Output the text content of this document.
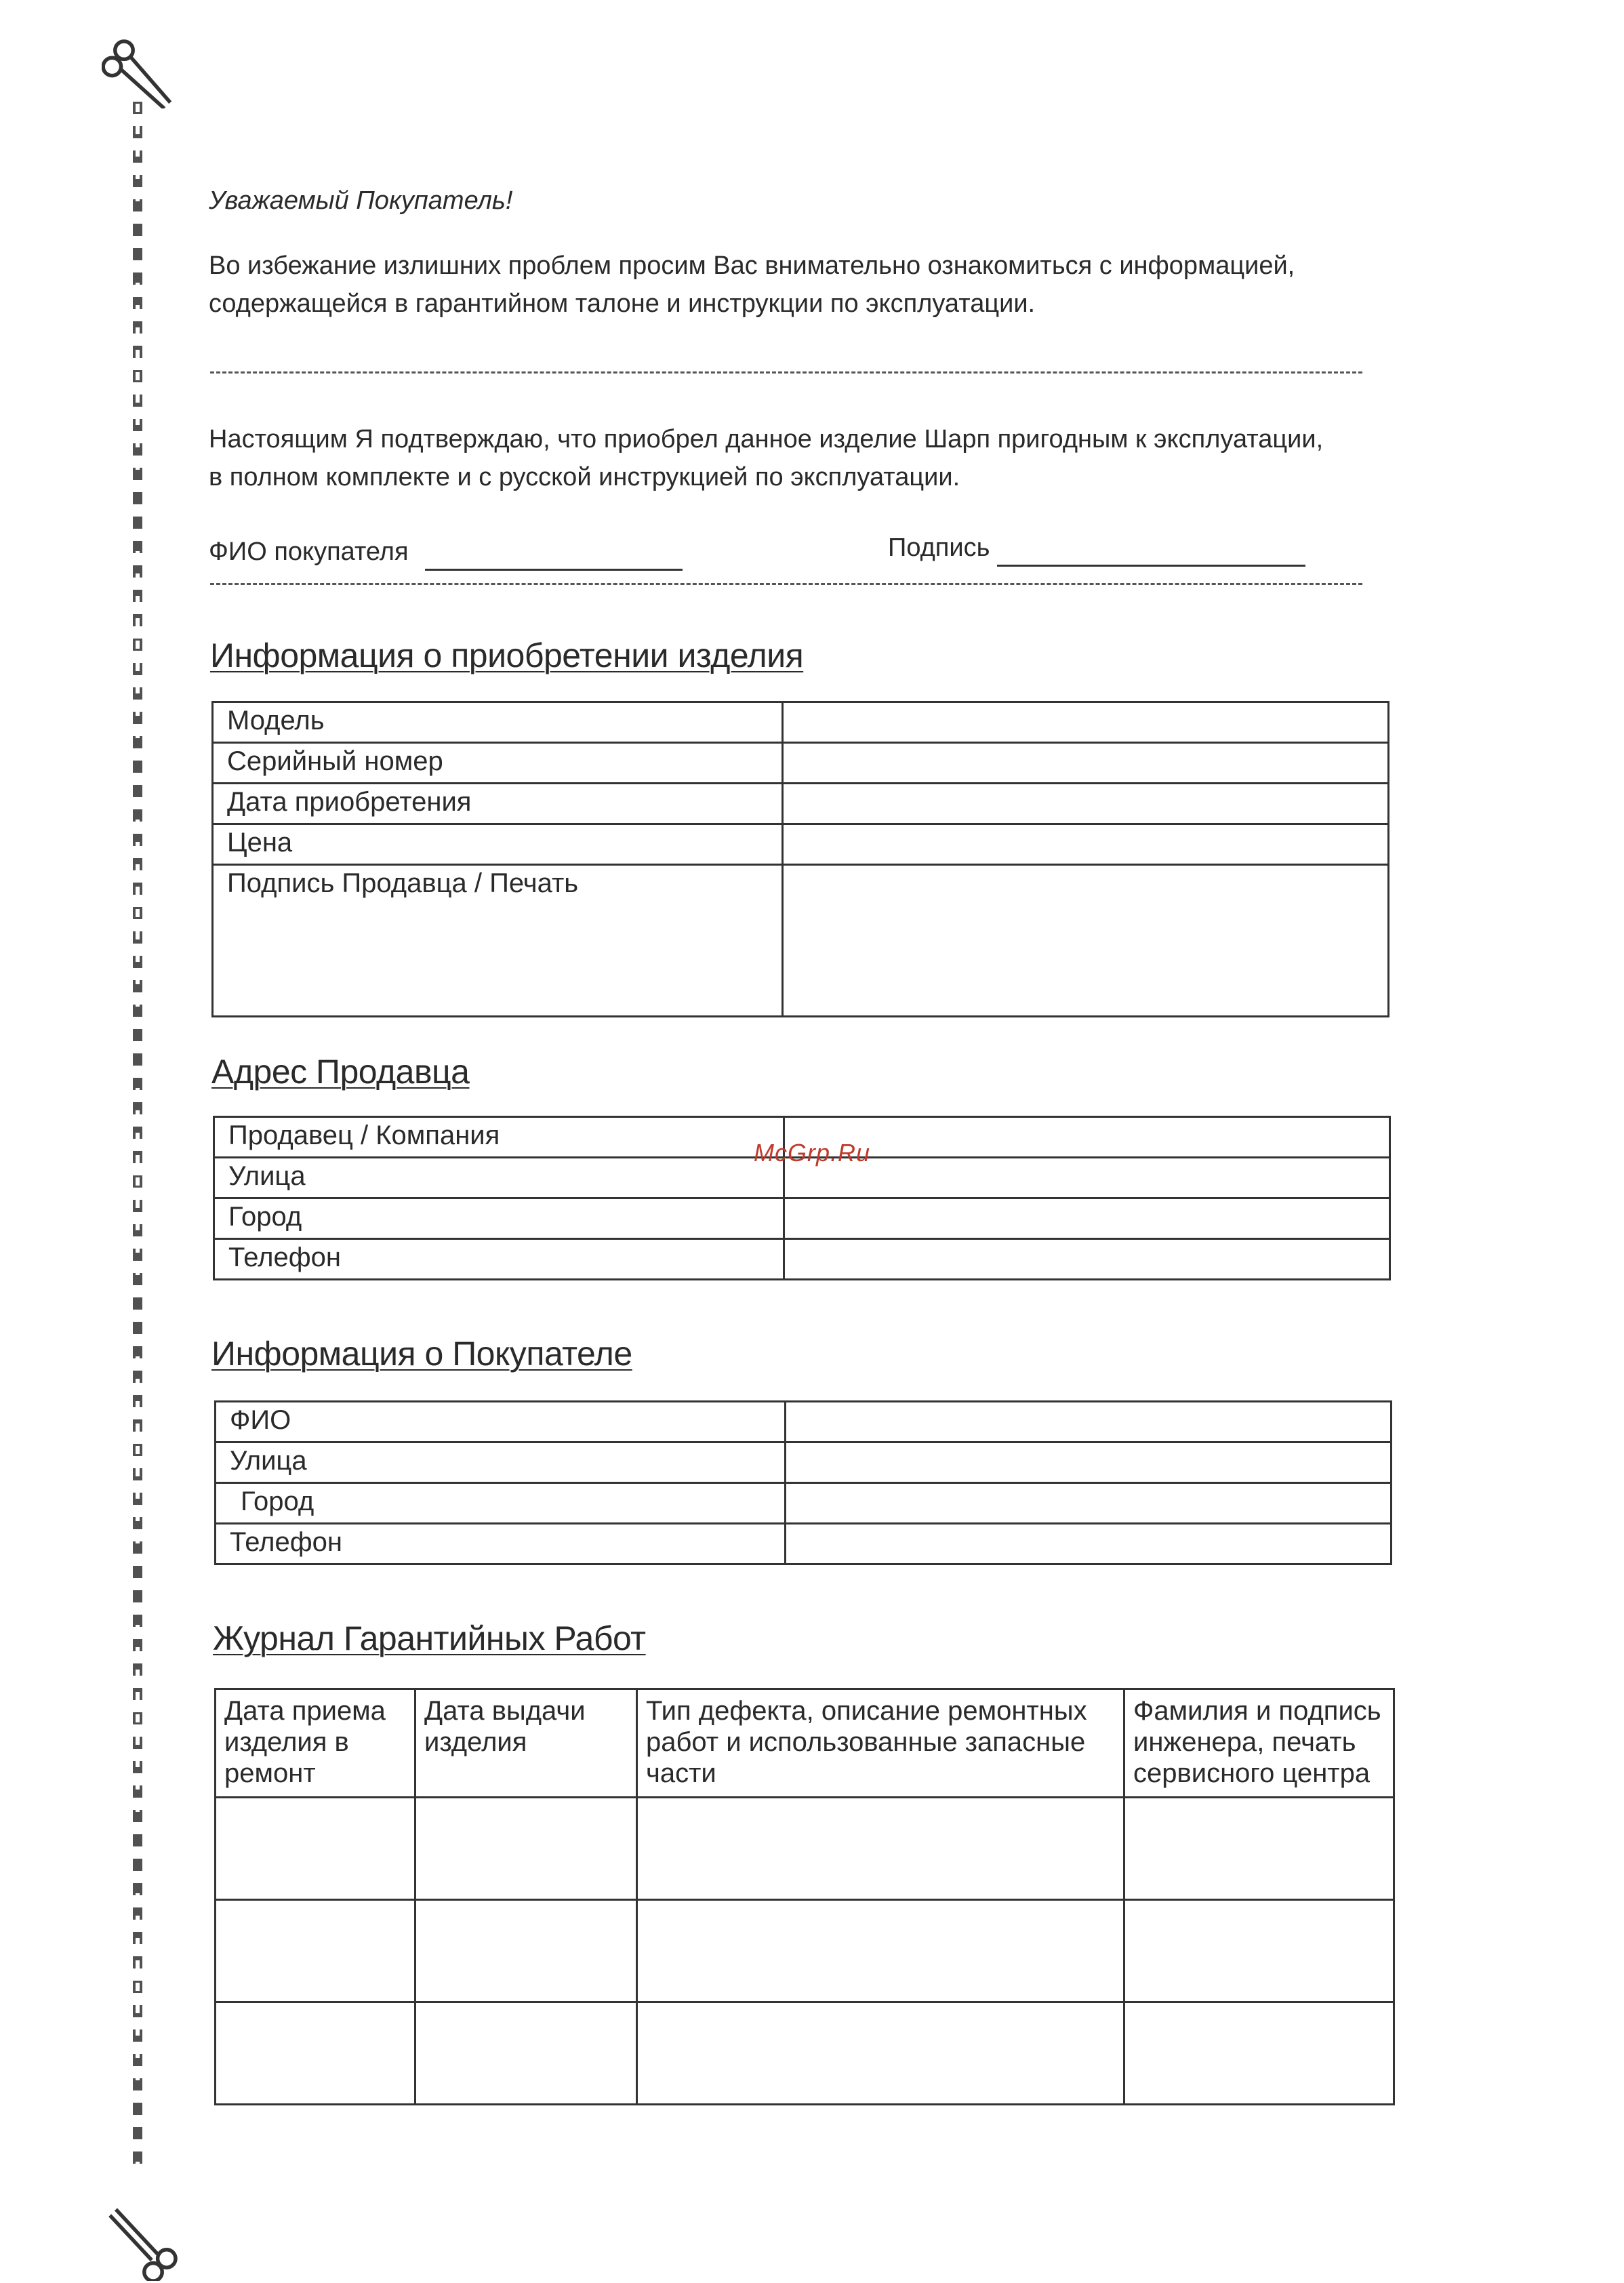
Уважаемый Покупатель!
Во избежание излишних проблем просим Вас внимательно ознакомиться с информацией, содержащейся в гарантийном талоне и инструкции по эксплуатации.
Настоящим Я подтверждаю, что приобрел данное изделие Шарп пригодным к эксплуатации,
в полном комплекте и с русской инструкцией по эксплуатации.
ФИО покупателя	Подпись
Информация о приобретении изделия
Модель	
Серийный номер	
Дата приобретения	
Цена	
Подпись Продавца / Печать	
Адрес Продавца
Продавец / Компания	
Улица	
Город	
Телефон	
McGrp.Ru
Информация о Покупателе
ФИО	
Улица	
Город	
Телефон	
Журнал Гарантийных Работ
Дата приема изделия в ремонт	Дата выдачи изделия	Тип дефекта, описание ремонтных работ и использованные запасные части	Фамилия и подпись инженера, печать сервисного центра
